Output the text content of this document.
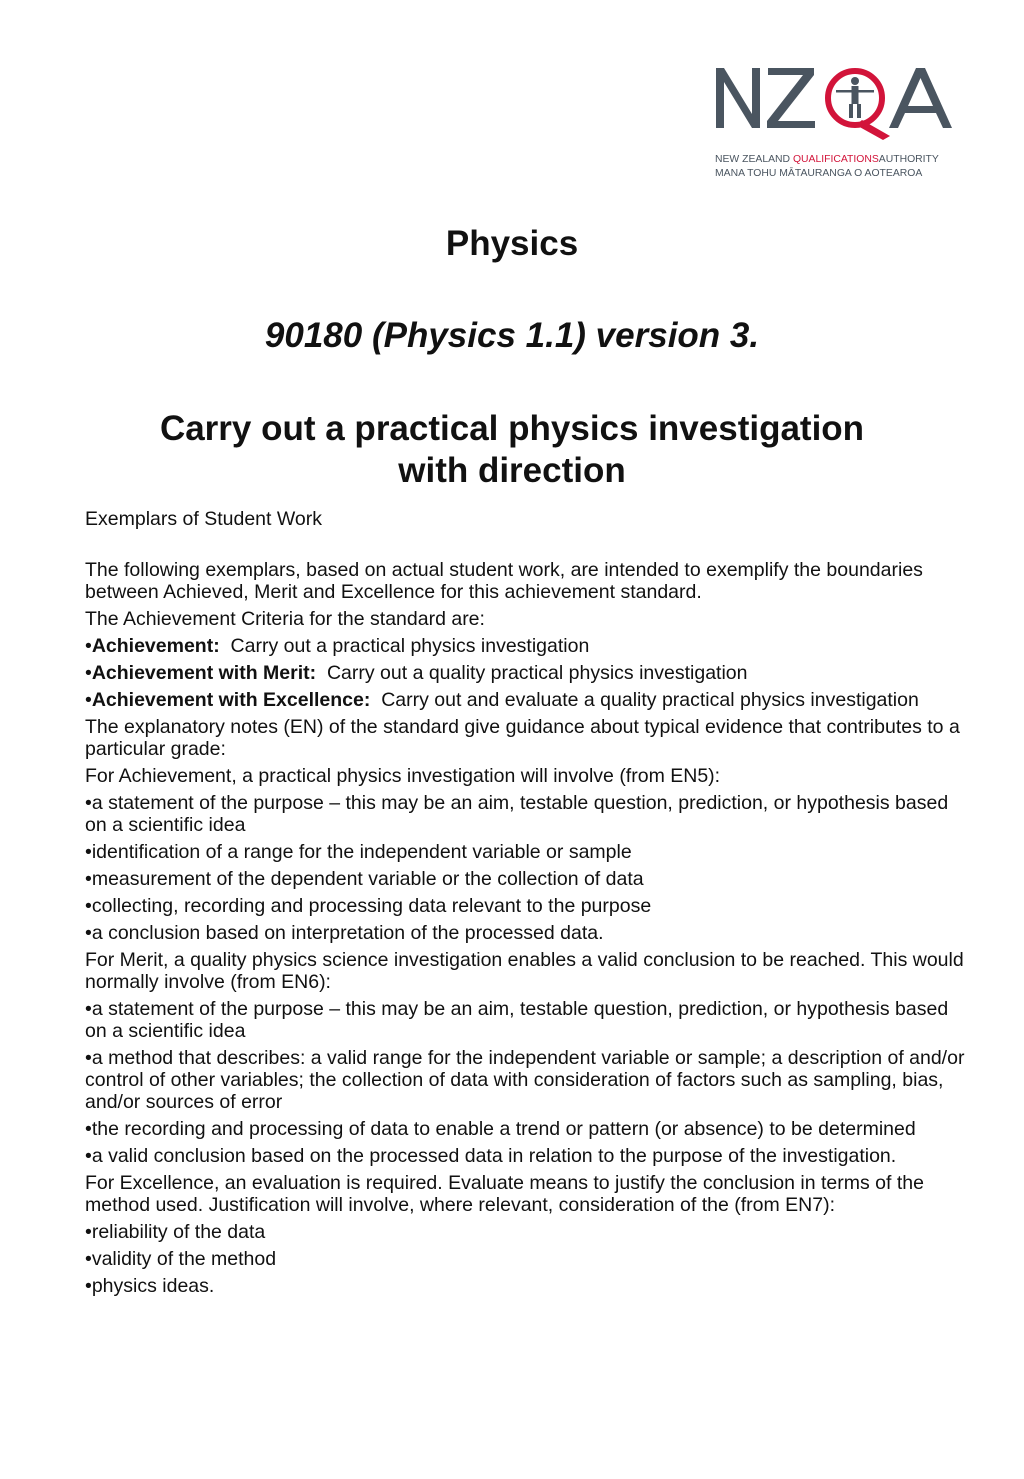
NEW ZEALAND QUALIFICATIONSAUTHORITY
MANA TOHU MĀTAURANGA O AOTEAROA
Physics
90180 (Physics 1.1) version 3.
Carry out a practical physics investigation
with direction

Exemplars of Student Work

The following exemplars, based on actual student work, are intended to exemplify the boundaries between Achieved, Merit and Excellence for this achievement standard.

The Achievement Criteria for the standard are:

•Achievement: Carry out a practical physics investigation

•Achievement with Merit: Carry out a quality practical physics investigation

•Achievement with Excellence: Carry out and evaluate a quality practical physics investigation

The explanatory notes (EN) of the standard give guidance about typical evidence that contributes to a particular grade:

For Achievement, a practical physics investigation will involve (from EN5):

•a statement of the purpose – this may be an aim, testable question, prediction, or hypothesis based on a scientific idea

•identification of a range for the independent variable or sample

•measurement of the dependent variable or the collection of data

•collecting, recording and processing data relevant to the purpose

•a conclusion based on interpretation of the processed data.

For Merit, a quality physics science investigation enables a valid conclusion to be reached. This would normally involve (from EN6):

•a statement of the purpose – this may be an aim, testable question, prediction, or hypothesis based on a scientific idea

•a method that describes: a valid range for the independent variable or sample; a description of and/or control of other variables; the collection of data with consideration of factors such as sampling, bias, and/or sources of error

•the recording and processing of data to enable a trend or pattern (or absence) to be determined

•a valid conclusion based on the processed data in relation to the purpose of the investigation.

For Excellence, an evaluation is required. Evaluate means to justify the conclusion in terms of the method used. Justification will involve, where relevant, consideration of the (from EN7):

•reliability of the data

•validity of the method

•physics ideas.
